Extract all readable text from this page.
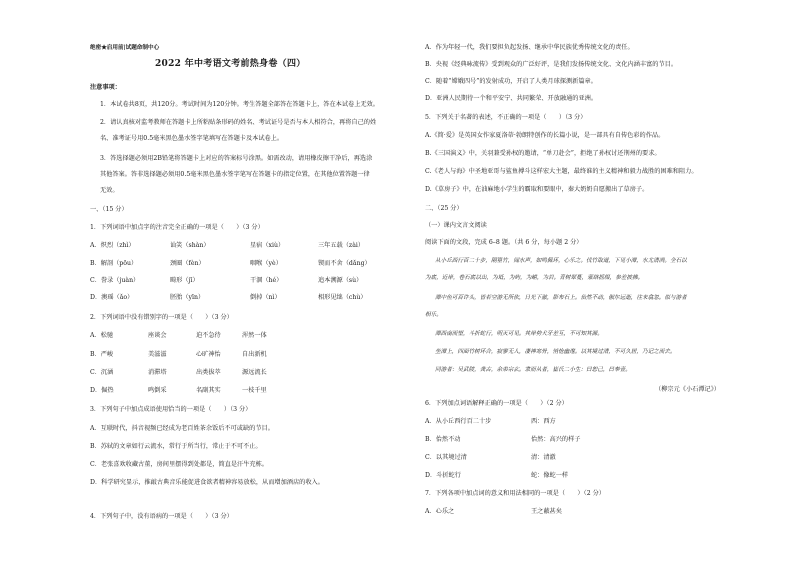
绝密★启用前|试题命制中心
2022 年中考语文考前热身卷（四）
注意事项：
1．本试卷共8页，共120分。考试时间为120分钟。考生答题全部答在答题卡上，答在本试卷上无效。
2．请认真核对监考教师在答题卡上所粘贴条形码的姓名、考试证号是否与本人相符合，再将自己的姓
名、准考证号用0.5毫米黑色墨水签字笔填写在答题卡及本试卷上。
3．答选择题必须用2B铅笔将答题卡上对应的答案标号涂黑。如需改动，请用橡皮擦干净后，再选涂
其他答案。答非选择题必须用0.5毫米黑色墨水签字笔写在答题卡的指定位置，在其他位置答题一律
无效。
一、（15 分）
1．下列词语中加点字的注音完全正确的一项是（　　）（3 分）
A．炽烈（zhì）	讪笑（shàn）	星宿（xiù）	三年五载（zài）
B．解剖（pōu）	颈圈（fèn）	咽喉（yè）	锲而不舍（dǎng）
C．誊录（juàn）	畸形（jī）	干涸（hé）	追本溯源（sù）
D．澳瑶（ǎo）	胚胎（yīn）	倒掉（nì）	相形见绌（chù）
2．下列词语中没有错别字的一项是（　　）（3 分）
A．松驰	座谈会	迫不急待	浑然一体
B．严峻	美滋滋	心旷神怡	自出新机
C．沉涵	消滞塔	出类拔萃	源远流长
D．倔热	鸣倒采	名副其实	一枝千里
3．下列句子中加点成语使用恰当的一项是（　　）（3 分）
A．互联时代，抖音视频已经成为老百姓茶余饭后不可或缺的节目。
B．苏轼的文章如行云流水，常行于所当行，常止于不可不止。
C．老张喜欢收藏古董，房间里摆得到处都是，简直是汗牛充栋。
D．科学研究显示，推敲古典音乐能促进食欲者精神容易放松，从而增加酒店的收入。
4．下列句子中，没有语病的一项是（　　）（3 分）
A．作为年轻一代，我们要担负起发扬、继承中华民族优秀传统文化的责任。
B．央视《经典咏流传》受到观众的广泛好评，是我们发扬传统文化、文化内涵丰富的节目。
C．随着“嫦娥四号”的发射成功，开启了人类月球探测新篇章。
D．亚洲人民期待一个和平安宁、共同繁荣、开放融通的亚洲。
5．下列关于名著的表述，不正确的一项是（　　）（3 分）
A.《简·爱》是英国女作家夏洛蒂·勃朗特创作的长篇小说，是一部具有自传色彩的作品。
B.《三国演义》中，关羽兼受孙权的邀请，“单刀赴会”，拒绝了孙权讨还荆州的要求。
C.《老人与海》中圣地亚哥与鲨鱼搏斗这样宏大主题，最终谁的主义精神和毅力战胜的困难和阻力。
D.《草房子》中，在油麻地小学生的霸取和要眼中，秦大奶奶自愿搬出了草房子。
二、（25 分）
（一）课内文言文阅读
阅读下面的文段，完成 6–8 题。（共 6 分，每小题 2 分）
从小丘西行百二十步，隔篁竹，闻水声，如鸣佩环，心乐之。伐竹取道，下见小潭，水尤清冽。全石以
为底，近岸，卷石底以出，为坻，为屿，为嵁，为岩。青树翠蔓，蒙络摇缀，参差披拂。
潭中鱼可百许头，皆若空游无所依，日光下澈，影布石上。佁然不动，俶尔远逝，往来翕忽。似与游者
相乐。
潭西南而望，斗折蛇行，明灭可见。其岸势犬牙差互，不可知其源。
坐潭上，四面竹树环合，寂寥无人，凄神寒骨，悄怆幽邃。以其境过清，不可久居，乃记之而去。
同游者：吴武陵，龚古，余弟宗玄。隶而从者，崔氏二小生：曰恕己，曰奉壹。
（柳宗元《小石潭记》）
6．下列加点词语解释正确的一项是（　　）（2 分）
A．从小丘西行百二十步	西：西方
B．佁然不动	佁然：高兴的样子
C．以其境过清	清：清澈
D．斗折蛇行	蛇：像蛇一样
7．下列各项中加点词的意义和用法相同的一项是（　　）（2 分）
A．心乐之	王之蔽甚矣
